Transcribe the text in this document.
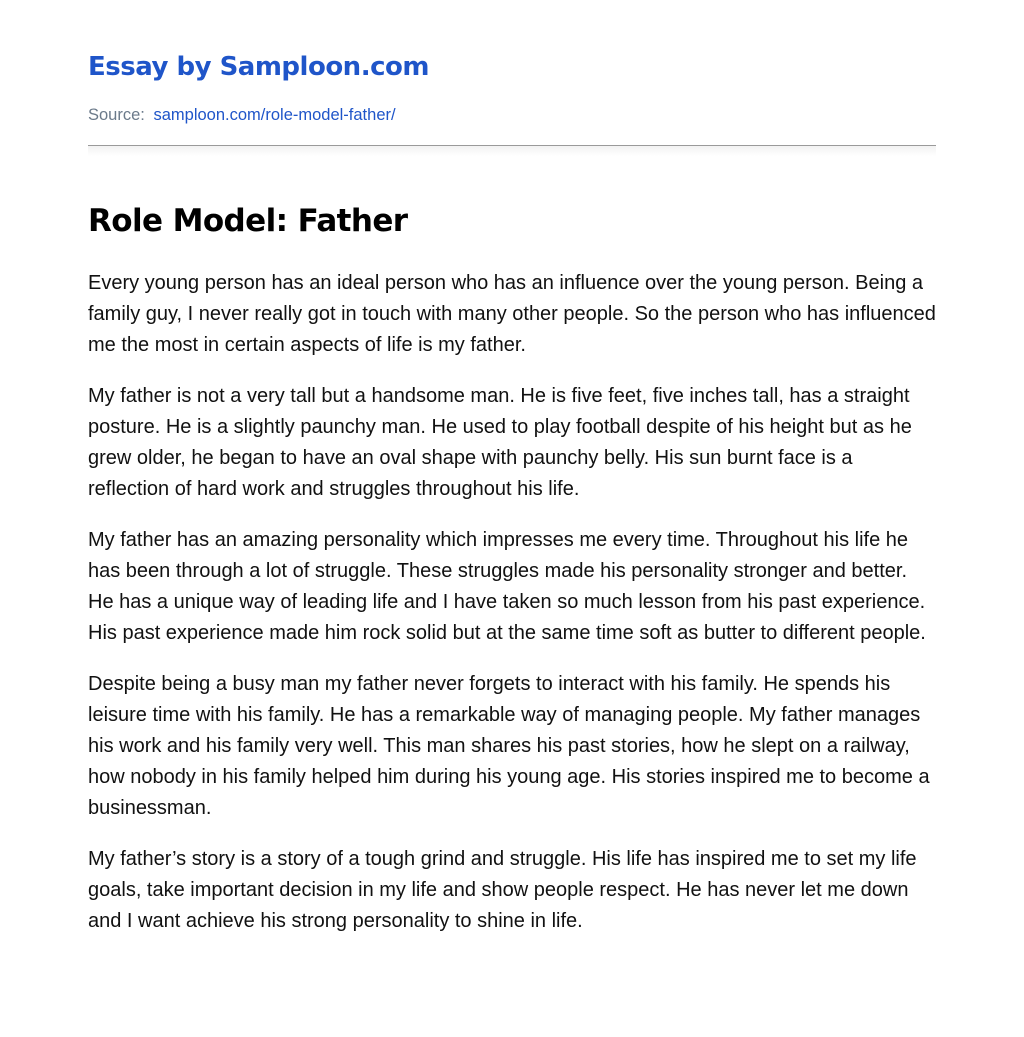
Essay by Samploon.com
Source: samploon.com/role-model-father/
Role Model: Father

Every young person has an ideal person who has an influence over the young person. Being a family guy, I never really got in touch with many other people. So the person who has influenced me the most in certain aspects of life is my father.

My father is not a very tall but a handsome man. He is five feet, five inches tall, has a straight posture. He is a slightly paunchy man. He used to play football despite of his height but as he grew older, he began to have an oval shape with paunchy belly. His sun burnt face is a reflection of hard work and struggles throughout his life.

My father has an amazing personality which impresses me every time. Throughout his life he has been through a lot of struggle. These struggles made his personality stronger and better. He has a unique way of leading life and I have taken so much lesson from his past experience. His past experience made him rock solid but at the same time soft as butter to different people.

Despite being a busy man my father never forgets to interact with his family. He spends his leisure time with his family. He has a remarkable way of managing people. My father manages his work and his family very well. This man shares his past stories, how he slept on a railway, how nobody in his family helped him during his young age. His stories inspired me to become a businessman.

My father’s story is a story of a tough grind and struggle. His life has inspired me to set my life goals, take important decision in my life and show people respect. He has never let me down and I want achieve his strong personality to shine in life.
